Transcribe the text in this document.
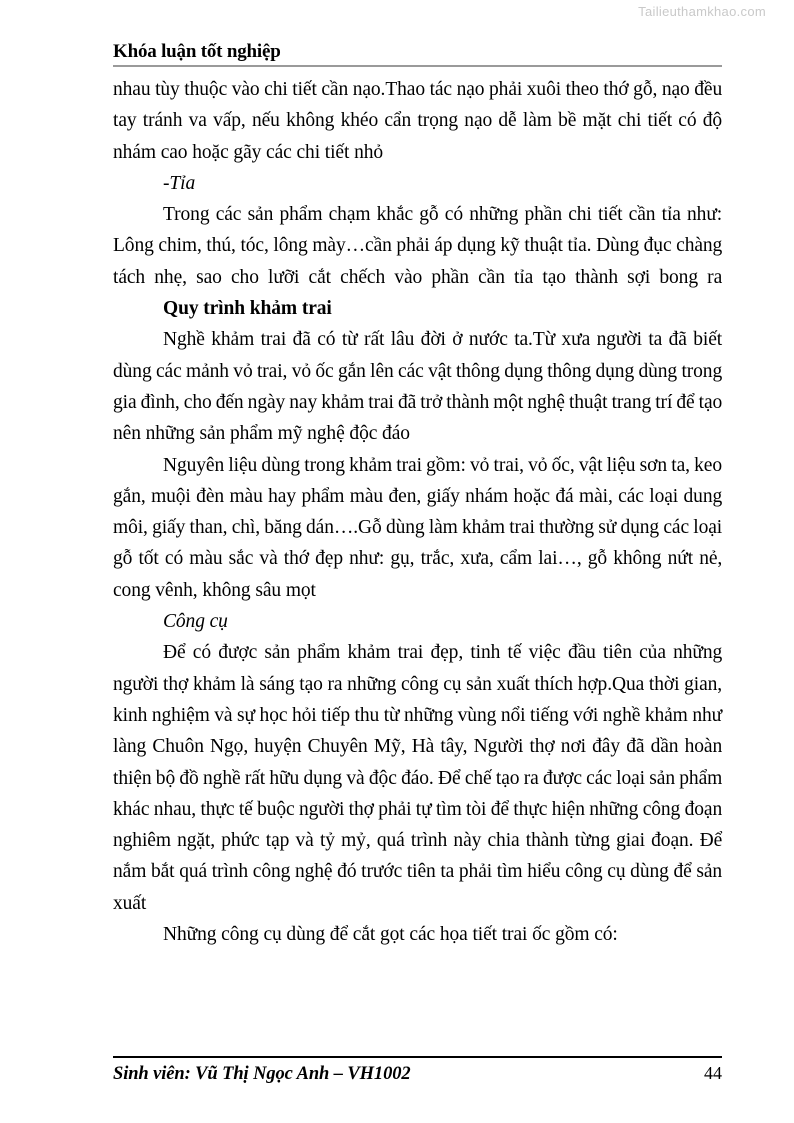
Tailieuthamkhao.com
Khóa luận tốt nghiệp
nhau tùy thuộc vào chi tiết cần nạo.Thao tác nạo phải xuôi theo thớ gỗ, nạo đều
tay tránh va vấp, nếu không khéo cẩn trọng nạo dễ làm bề mặt chi tiết có độ
nhám cao hoặc gãy các chi tiết nhỏ
-Tỉa
Trong các sản phẩm chạm khắc gỗ có những phần chi tiết cần tỉa như:
Lông chim, thú, tóc, lông mày…cần phải áp dụng kỹ thuật tỉa. Dùng đục chàng
tách nhẹ, sao cho lưỡi cắt chếch vào phần cần tỉa tạo thành sợi bong ra
Quy trình khảm trai
Nghề khảm trai đã có từ rất lâu đời ở nước ta.Từ xưa người ta đã biết
dùng các mảnh vỏ trai, vỏ ốc gắn lên các vật thông dụng thông dụng dùng trong
gia đình, cho đến ngày nay khảm trai đã trở thành một nghệ thuật trang trí để tạo
nên những sản phẩm mỹ nghệ độc đáo
Nguyên liệu dùng trong khảm trai gồm: vỏ trai, vỏ ốc, vật liệu sơn ta, keo
gắn, muội đèn màu hay phẩm màu đen, giấy nhám hoặc đá mài, các loại dung
môi, giấy than, chì, băng dán….Gỗ dùng làm khảm trai thường sử dụng các loại
gỗ tốt có màu sắc và thớ đẹp như: gụ, trắc, xưa, cẩm lai…, gỗ không nứt nẻ,
cong vênh, không sâu mọt
Công cụ
Để có được sản phẩm khảm trai đẹp, tinh tế việc đầu tiên của những
người thợ khảm là sáng tạo ra những công cụ sản xuất thích hợp.Qua thời gian,
kinh nghiệm và sự học hỏi tiếp thu từ những vùng nổi tiếng với nghề khảm như
làng Chuôn Ngọ, huyện Chuyên Mỹ, Hà tây, Người thợ nơi đây đã dần hoàn
thiện bộ đồ nghề rất hữu dụng và độc đáo. Để chế tạo ra được các loại sản phẩm
khác nhau, thực tế buộc người thợ phải tự tìm tòi để thực hiện những công đoạn
nghiêm ngặt, phức tạp và tỷ mỷ, quá trình này chia thành từng giai đoạn. Để
nắm bắt quá trình công nghệ đó trước tiên ta phải tìm hiểu công cụ dùng để sản
xuất
Những công cụ dùng để cắt gọt các họa tiết trai ốc gồm có:
Sinh viên: Vũ Thị Ngọc Anh – VH1002	44
